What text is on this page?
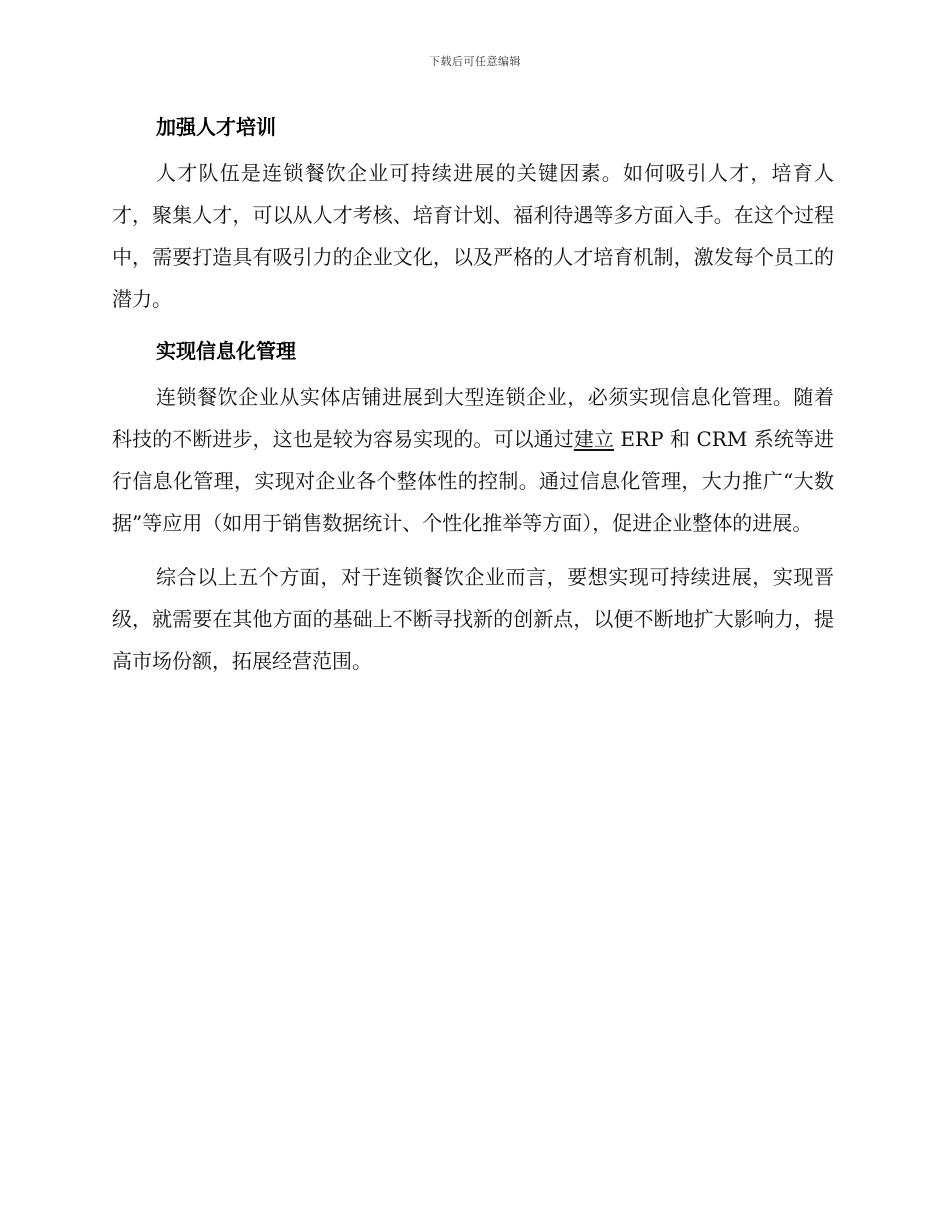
下载后可任意编辑
加强人才培训

人才队伍是连锁餐饮企业可持续进展的关键因素。如何吸引人才，培育人才，聚集人才，可以从人才考核、培育计划、福利待遇等多方面入手。在这个过程中，需要打造具有吸引力的企业文化，以及严格的人才培育机制，激发每个员工的潜力。

实现信息化管理

连锁餐饮企业从实体店铺进展到大型连锁企业，必须实现信息化管理。随着科技的不断进步，这也是较为容易实现的。可以通过建立 ERP 和 CRM 系统等进行信息化管理，实现对企业各个整体性的控制。通过信息化管理，大力推广“大数据”等应用（如用于销售数据统计、个性化推举等方面），促进企业整体的进展。

综合以上五个方面，对于连锁餐饮企业而言，要想实现可持续进展，实现晋级，就需要在其他方面的基础上不断寻找新的创新点，以便不断地扩大影响力，提高市场份额，拓展经营范围。
